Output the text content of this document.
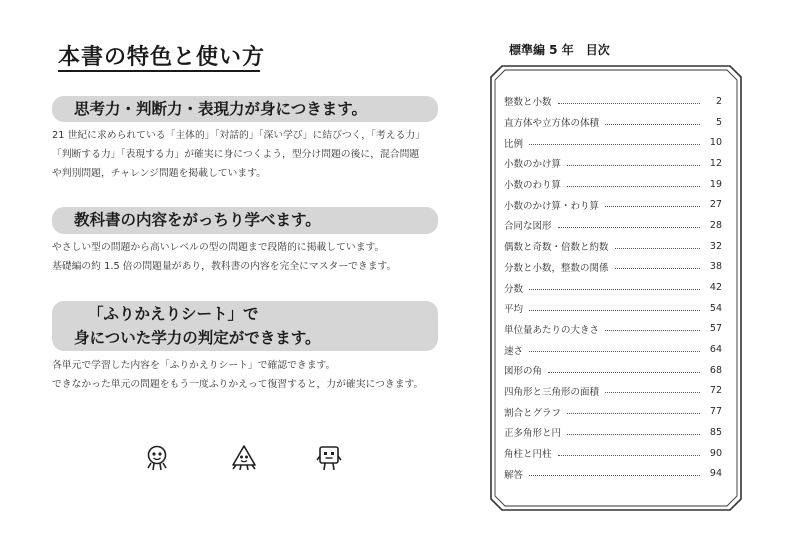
本書の特色と使い方
思考力・判断力・表現力が身につきます。
21 世紀に求められている「主体的」「対話的」「深い学び」に結びつく，「考える力」
「判断する力」「表現する力」が確実に身につくよう，型分け問題の後に，混合問題
や判別問題，チャレンジ問題を掲載しています。
教科書の内容をがっちり学べます。
やさしい型の問題から高いレベルの型の問題まで段階的に掲載しています。
基礎編の約 1.5 倍の問題量があり，教科書の内容を完全にマスターできます。
「ふりかえりシート」で
身についた学力の判定ができます。
各単元で学習した内容を「ふりかえりシート」で確認できます。
できなかった単元の問題をもう一度ふりかえって復習すると，力が確実につきます。
標準編 5 年　目次
整数と小数	2
直方体や立方体の体積	5
比例	10
小数のかけ算	12
小数のわり算	19
小数のかけ算・わり算	27
合同な図形	28
偶数と奇数・倍数と約数	32
分数と小数，整数の関係	38
分数	42
平均	54
単位量あたりの大きさ	57
速さ	64
図形の角	68
四角形と三角形の面積	72
割合とグラフ	77
正多角形と円	85
角柱と円柱	90
解答	94
